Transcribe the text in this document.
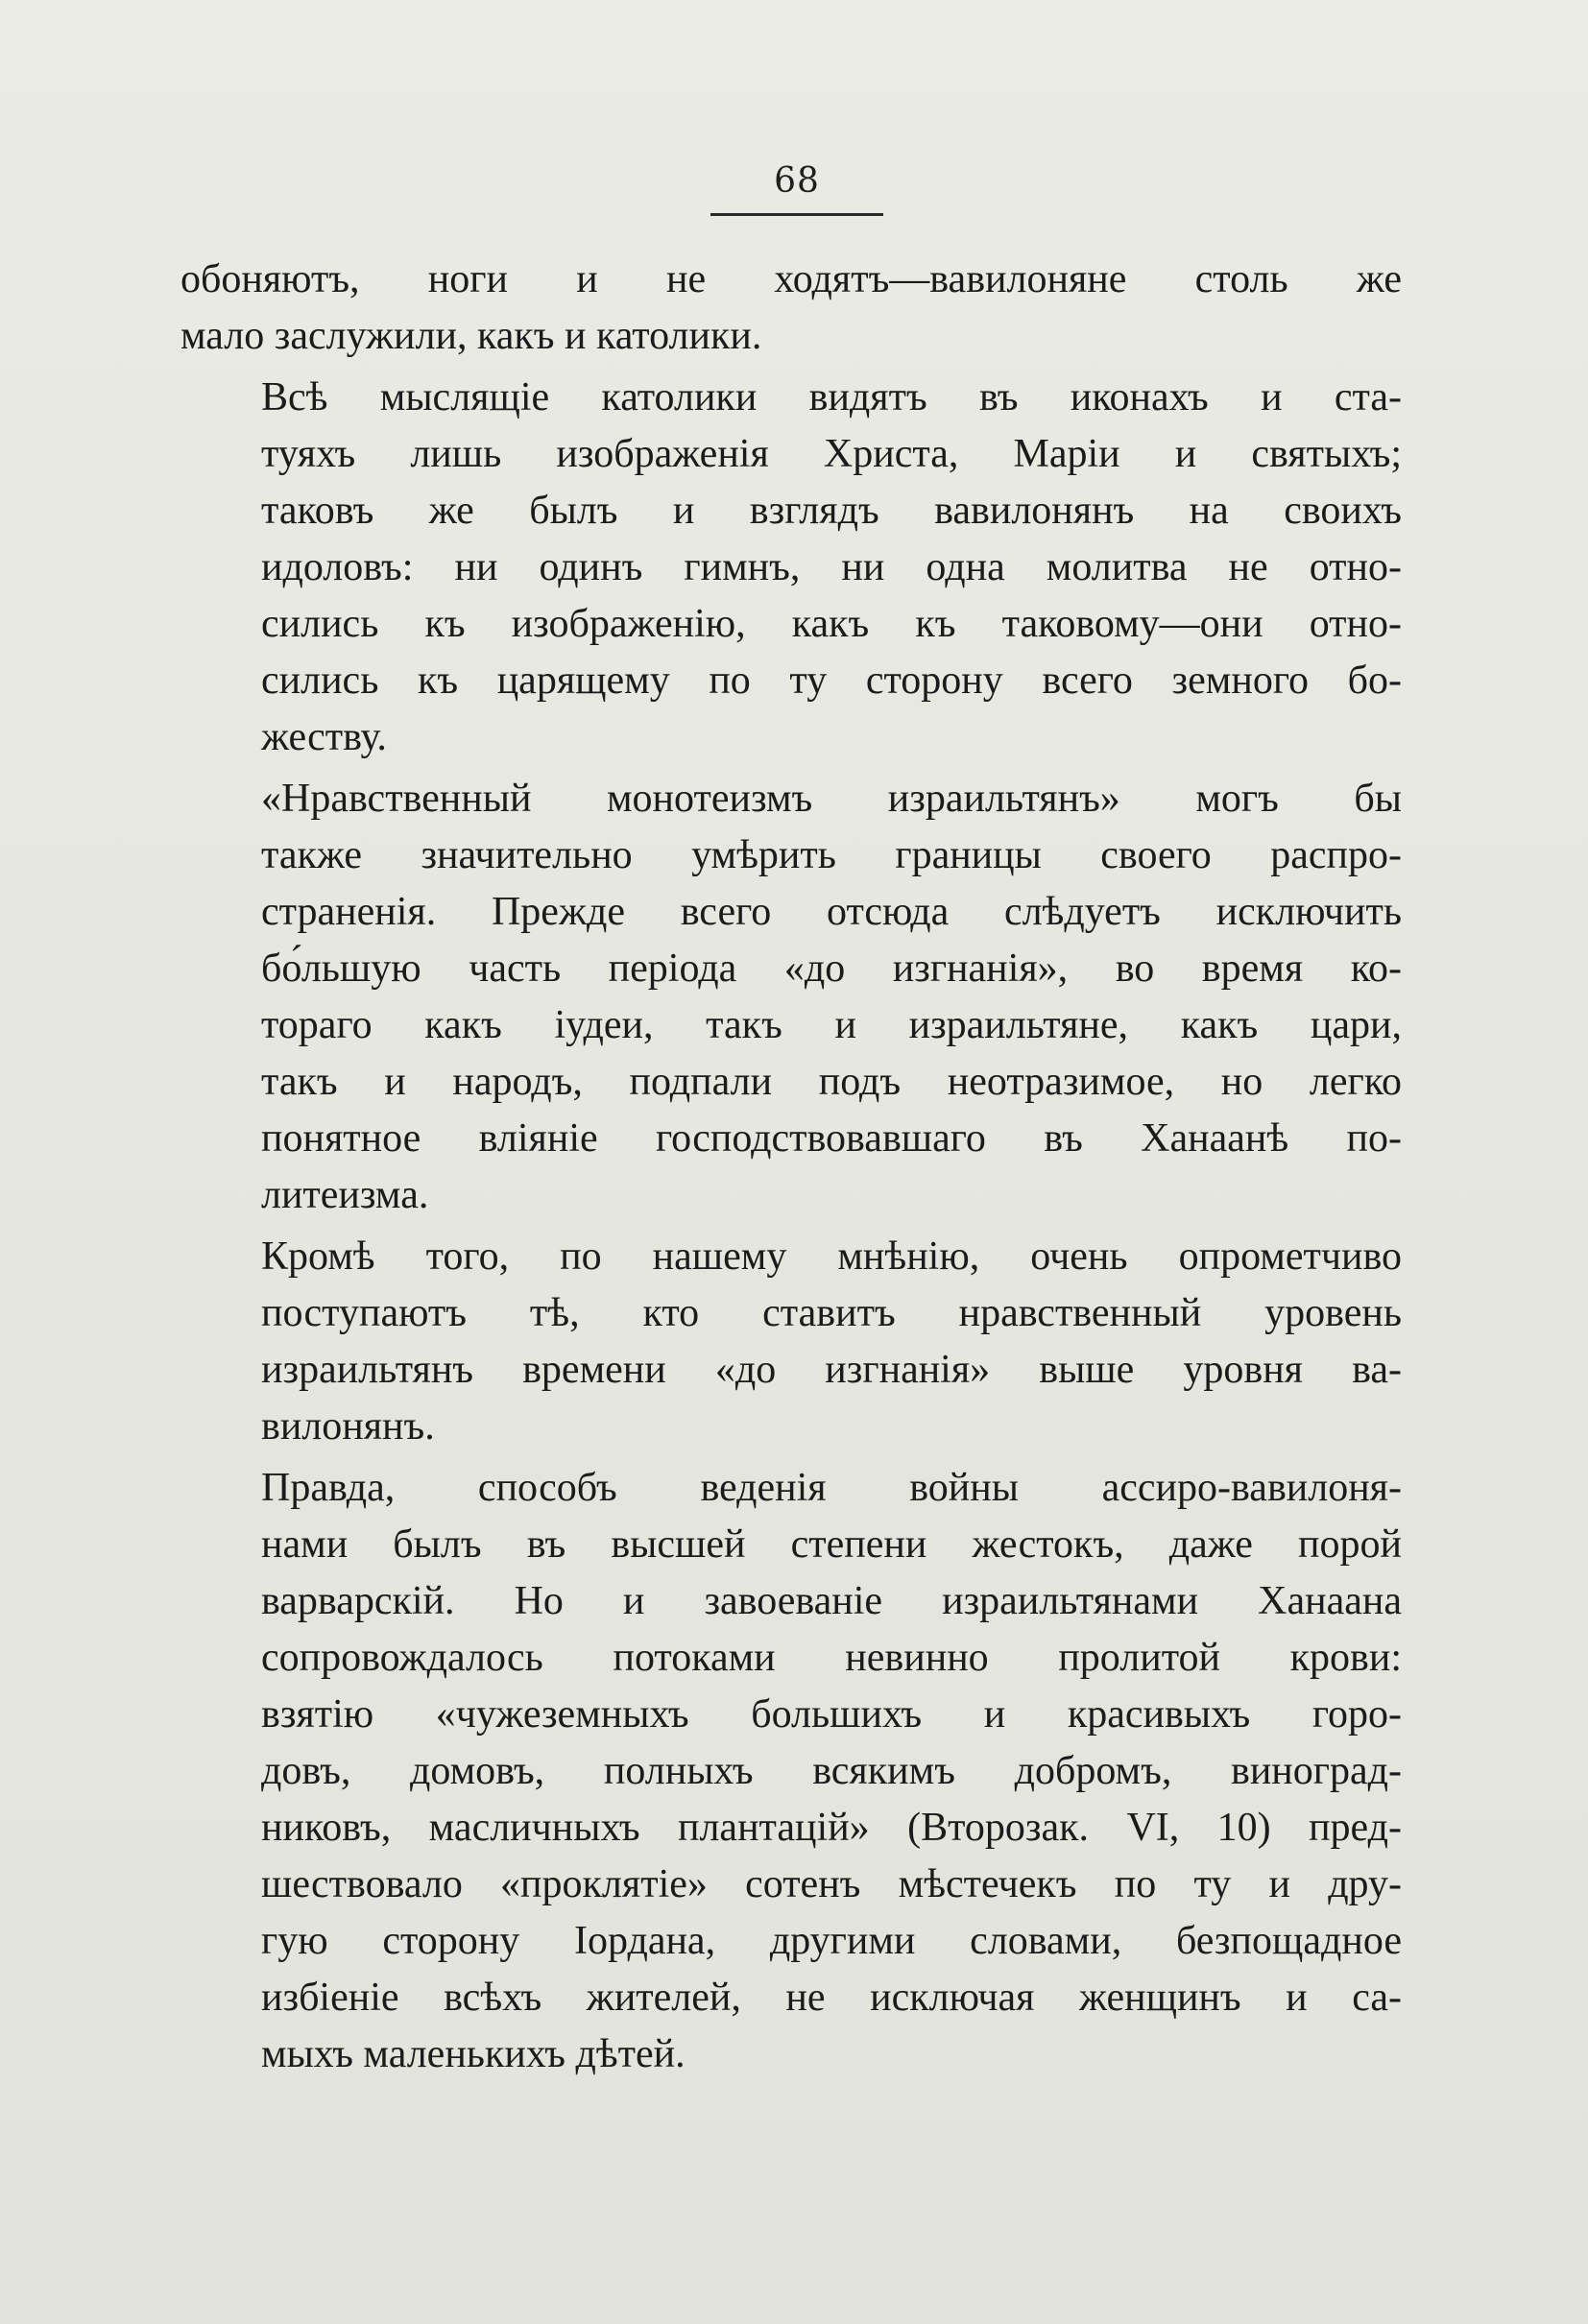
68
обоняютъ, ноги и не ходятъ—вавилоняне столь же
мало заслужили, какъ и католики.
Всѣ мыслящіе католики видятъ въ иконахъ и ста-
туяхъ лишь изображенія Христа, Маріи и святыхъ;
таковъ же былъ и взглядъ вавилонянъ на своихъ
идоловъ: ни одинъ гимнъ, ни одна молитва не отно-
сились къ изображенію, какъ къ таковому—они отно-
сились къ царящему по ту сторону всего земного бо-
жеству.
«Нравственный монотеизмъ израильтянъ» могъ бы
также значительно умѣрить границы своего распро-
страненія. Прежде всего отсюда слѣдуетъ исключить
бо́льшую часть періода «до изгнанія», во время ко-
тораго какъ іудеи, такъ и израильтяне, какъ цари,
такъ и народъ, подпали подъ неотразимое, но легко
понятное вліяніе господствовавшаго въ Ханаанѣ по-
литеизма.
Кромѣ того, по нашему мнѣнію, очень опрометчиво
поступаютъ тѣ, кто ставитъ нравственный уровень
израильтянъ времени «до изгнанія» выше уровня ва-
вилонянъ.
Правда, способъ веденія войны ассиро-вавилоня-
нами былъ въ высшей степени жестокъ, даже порой
варварскій. Но и завоеваніе израильтянами Ханаана
сопровождалось потоками невинно пролитой крови:
взятію «чужеземныхъ большихъ и красивыхъ горо-
довъ, домовъ, полныхъ всякимъ добромъ, виноград-
никовъ, масличныхъ плантацій» (Второзак. VI, 10) пред-
шествовало «проклятіе» сотенъ мѣстечекъ по ту и дру-
гую сторону Іордана, другими словами, безпощадное
избіеніе всѣхъ жителей, не исключая женщинъ и са-
мыхъ маленькихъ дѣтей.
